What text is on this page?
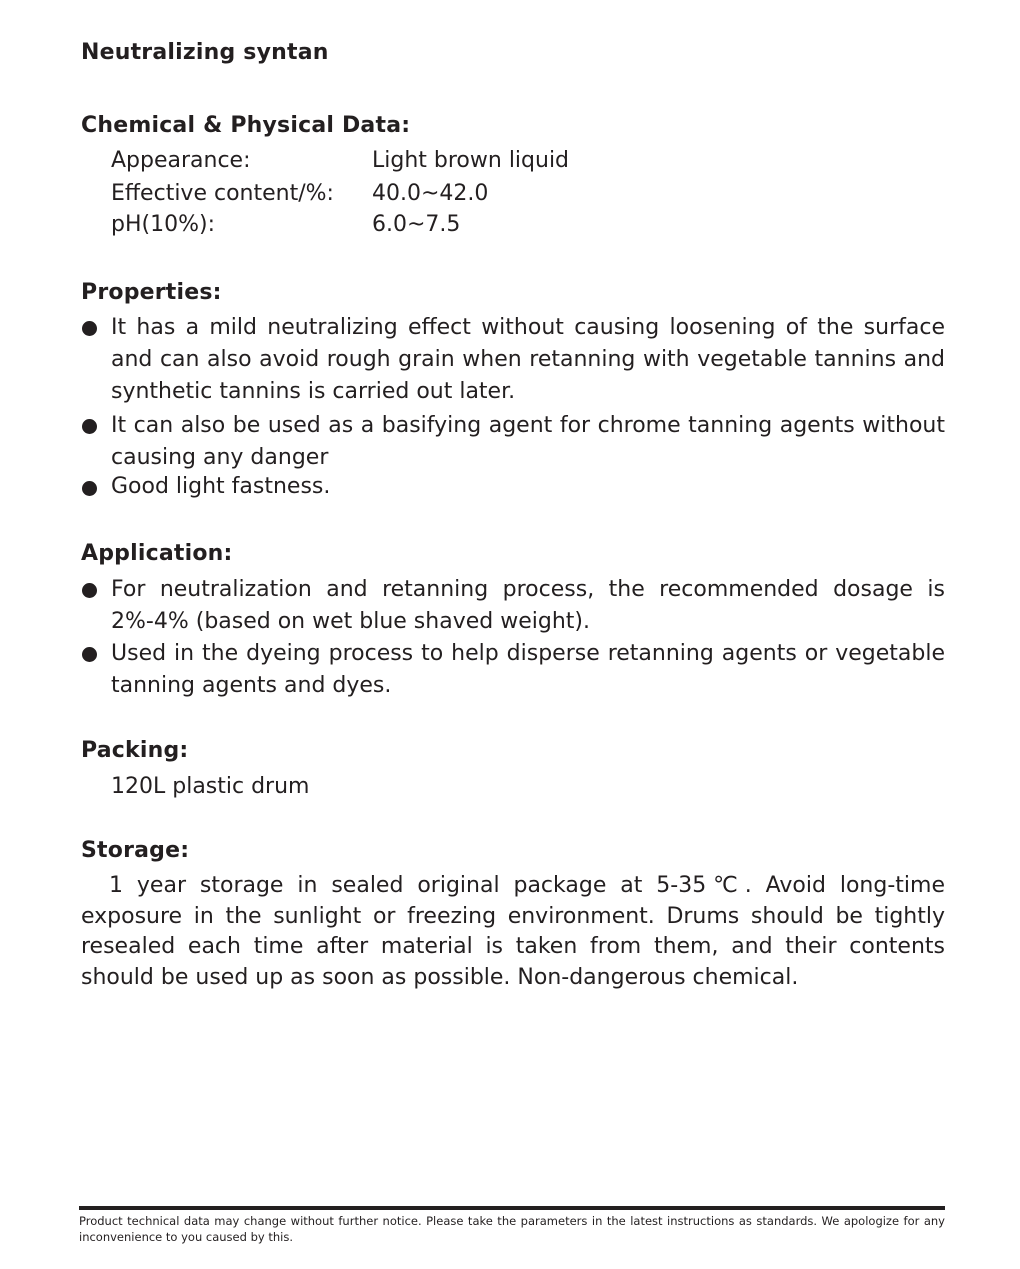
Neutralizing syntan
Chemical & Physical Data:
Appearance:	Light brown liquid
Effective content/%: 40.0~42.0
pH(10%):	6.0~7.5
Properties:
It has a mild neutralizing effect without causing loosening of the surface and can also avoid rough grain when retanning with vegetable tannins and synthetic tannins is carried out later.
It can also be used as a basifying agent for chrome tanning agents without causing any danger
Good light fastness.
Application:
For neutralization and retanning process, the recommended dosage is 2%-4% (based on wet blue shaved weight).
Used in the dyeing process to help disperse retanning agents or vegetable tanning agents and dyes.
Packing:
120L plastic drum
Storage:
1 year storage in sealed original package at 5-35℃. Avoid long-time exposure in the sunlight or freezing environment. Drums should be tightly resealed each time after material is taken from them, and their contents should be used up as soon as possible. Non-dangerous chemical.
Product technical data may change without further notice. Please take the parameters in the latest instructions as standards. We apologize for any inconvenience to you caused by this.
